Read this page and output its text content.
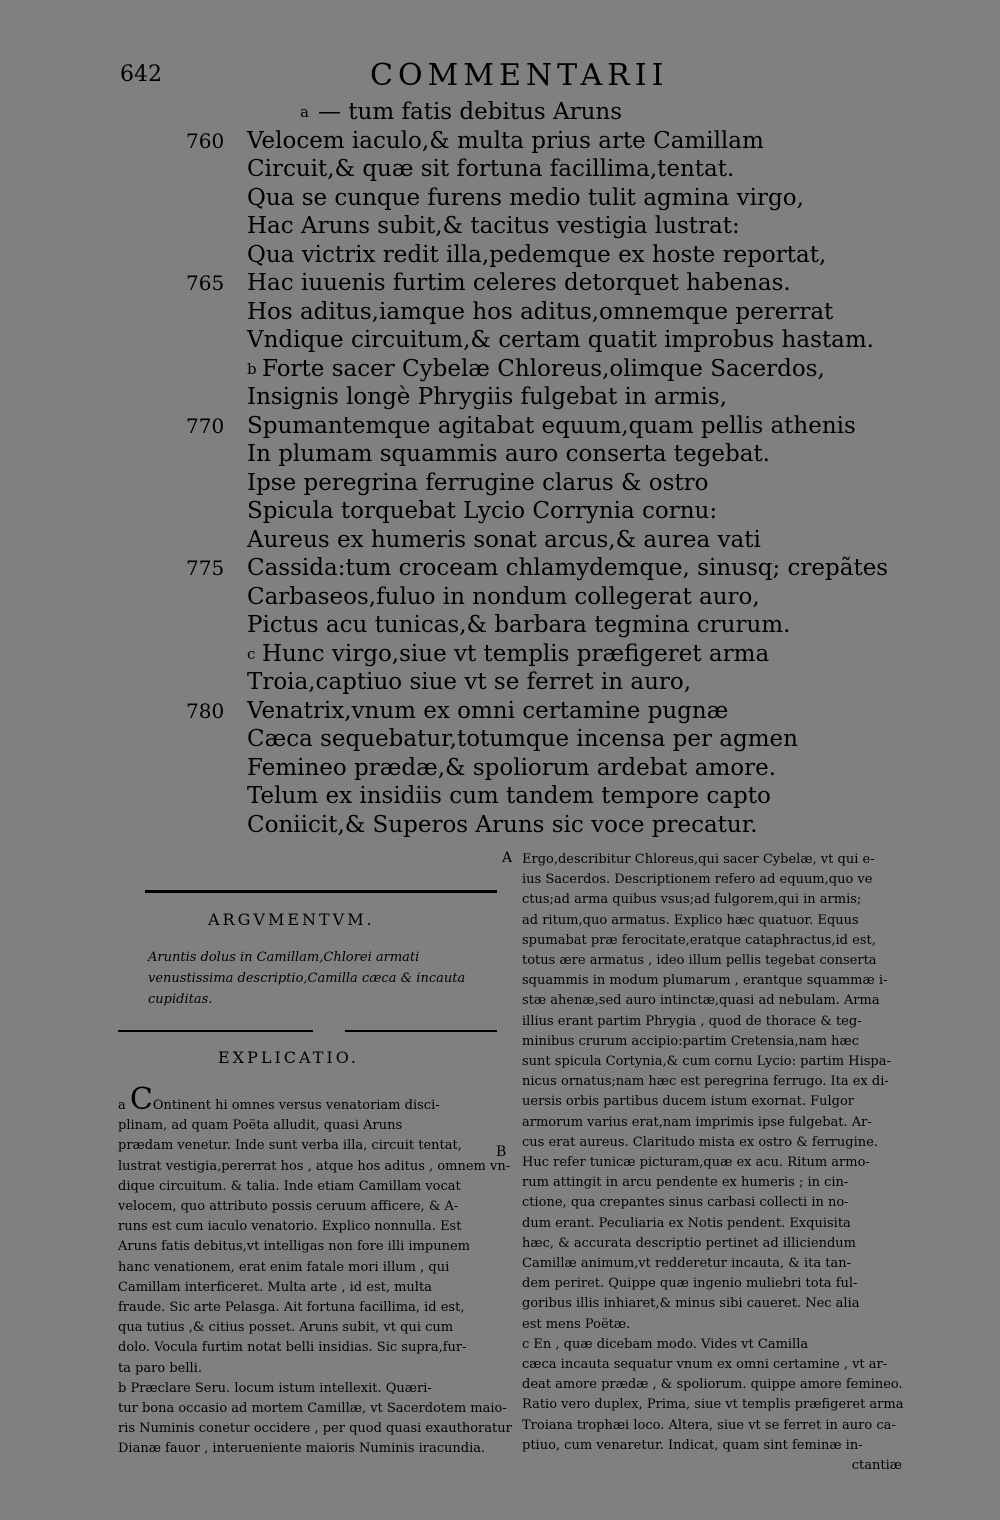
642	COMMENTARII
a — tum fatis debitus Aruns
760 Velocem iaculo,& multa prius arte Camillam
Circuit,& quæ sit fortuna facillima,tentat.
Qua se cunque furens medio tulit agmina virgo,
Hac Aruns subit,& tacitus vestigia lustrat:
Qua victrix redit illa,pedemque ex hoste reportat,
765 Hac iuuenis furtim celeres detorquet habenas.
Hos aditus,iamque hos aditus,omnemque pererrat
Vndique circuitum,& certam quatit improbus hastam.
b Forte sacer Cybelæ Chloreus,olimque Sacerdos,
Insignis longè Phrygiis fulgebat in armis,
770 Spumantemque agitabat equum,quam pellis athenis
In plumam squammis auro conserta tegebat.
Ipse peregrina ferrugine clarus & ostro
Spicula torquebat Lycio Corrynia cornu:
Aureus ex humeris sonat arcus,& aurea vati
775 Cassida:tum croceam chlamydemque, sinusq; crepãtes
Carbaseos,fuluo in nondum collegerat auro,
Pictus acu tunicas,& barbara tegmina crurum.
c Hunc virgo,siue vt templis præfigeret arma
Troia,captiuo siue vt se ferret in auro,
780 Venatrix,vnum ex omni certamine pugnæ
Cæca sequebatur,totumque incensa per agmen
Femineo prædæ,& spoliorum ardebat amore.
Telum ex insidiis cum tandem tempore capto
Coniicit,& Superos Aruns sic voce precatur.
ARGVMENTVM.
Aruntis dolus in Camillam,Chlorei armati venustissima descriptio,Camilla cæca & incauta cupiditas.
EXPLICATIO.

a COntinent hi omnes versus venatoriam disci-

plinam, ad quam Poëta alludit, quasi Aruns

prædam venetur. Inde sunt verba illa, circuit tentat,

lustrat vestigia,pererrat hos , atque hos aditus , omnem vn-

dique circuitum. & talia. Inde etiam Camillam vocat

velocem, quo attributo possis ceruum afficere, & A-

runs est cum iaculo venatorio. Explico nonnulla. Est

Aruns fatis debitus,vt intelligas non fore illi impunem

hanc venationem, erat enim fatale mori illum , qui

Camillam interficeret. Multa arte , id est, multa

fraude. Sic arte Pelasga. Ait fortuna facillima, id est,

qua tutius ,& citius posset. Aruns subit, vt qui cum

dolo. Vocula furtim notat belli insidias. Sic supra,fur-

ta paro belli.

b Præclare Seru. locum istum intellexit. Quæri-

tur bona occasio ad mortem Camillæ, vt Sacerdotem maio-

ris Numinis conetur occidere , per quod quasi exauthoratur

Dianæ fauor , interueniente maioris Numinis iracundia.

A
B

Ergo,describitur Chloreus,qui sacer Cybelæ, vt qui e-

ius Sacerdos. Descriptionem refero ad equum,quo ve

ctus;ad arma quibus vsus;ad fulgorem,qui in armis;

ad ritum,quo armatus. Explico hæc quatuor. Equus

spumabat præ ferocitate,eratque cataphractus,id est,

totus ære armatus , ideo illum pellis tegebat conserta

squammis in modum plumarum , erantque squammæ i-

stæ ahenæ,sed auro intinctæ,quasi ad nebulam. Arma

illius erant partim Phrygia , quod de thorace & teg-

minibus crurum accipio:partim Cretensia,nam hæc

sunt spicula Cortynia,& cum cornu Lycio: partim Hispa-

nicus ornatus;nam hæc est peregrina ferrugo. Ita ex di-

uersis orbis partibus ducem istum exornat. Fulgor

armorum varius erat,nam imprimis ipse fulgebat. Ar-

cus erat aureus. Claritudo mista ex ostro & ferrugine.

Huc refer tunicæ picturam,quæ ex acu. Ritum armo-

rum attingit in arcu pendente ex humeris ; in cin-

ctione, qua crepantes sinus carbasi collecti in no-

dum erant. Peculiaria ex Notis pendent. Exquisita

hæc, & accurata descriptio pertinet ad illiciendum

Camillæ animum,vt redderetur incauta, & ita tan-

dem periret. Quippe quæ ingenio muliebri tota ful-

goribus illis inhiaret,& minus sibi caueret. Nec alia

est mens Poëtæ.

c En , quæ dicebam modo. Vides vt Camilla

cæca incauta sequatur vnum ex omni certamine , vt ar-

deat amore prædæ , & spoliorum. quippe amore femineo.

Ratio vero duplex, Prima, siue vt templis præfigeret arma

Troiana trophæi loco. Altera, siue vt se ferret in auro ca-

ptiuo, cum venaretur. Indicat, quam sint feminæ in-

ctantiæ
